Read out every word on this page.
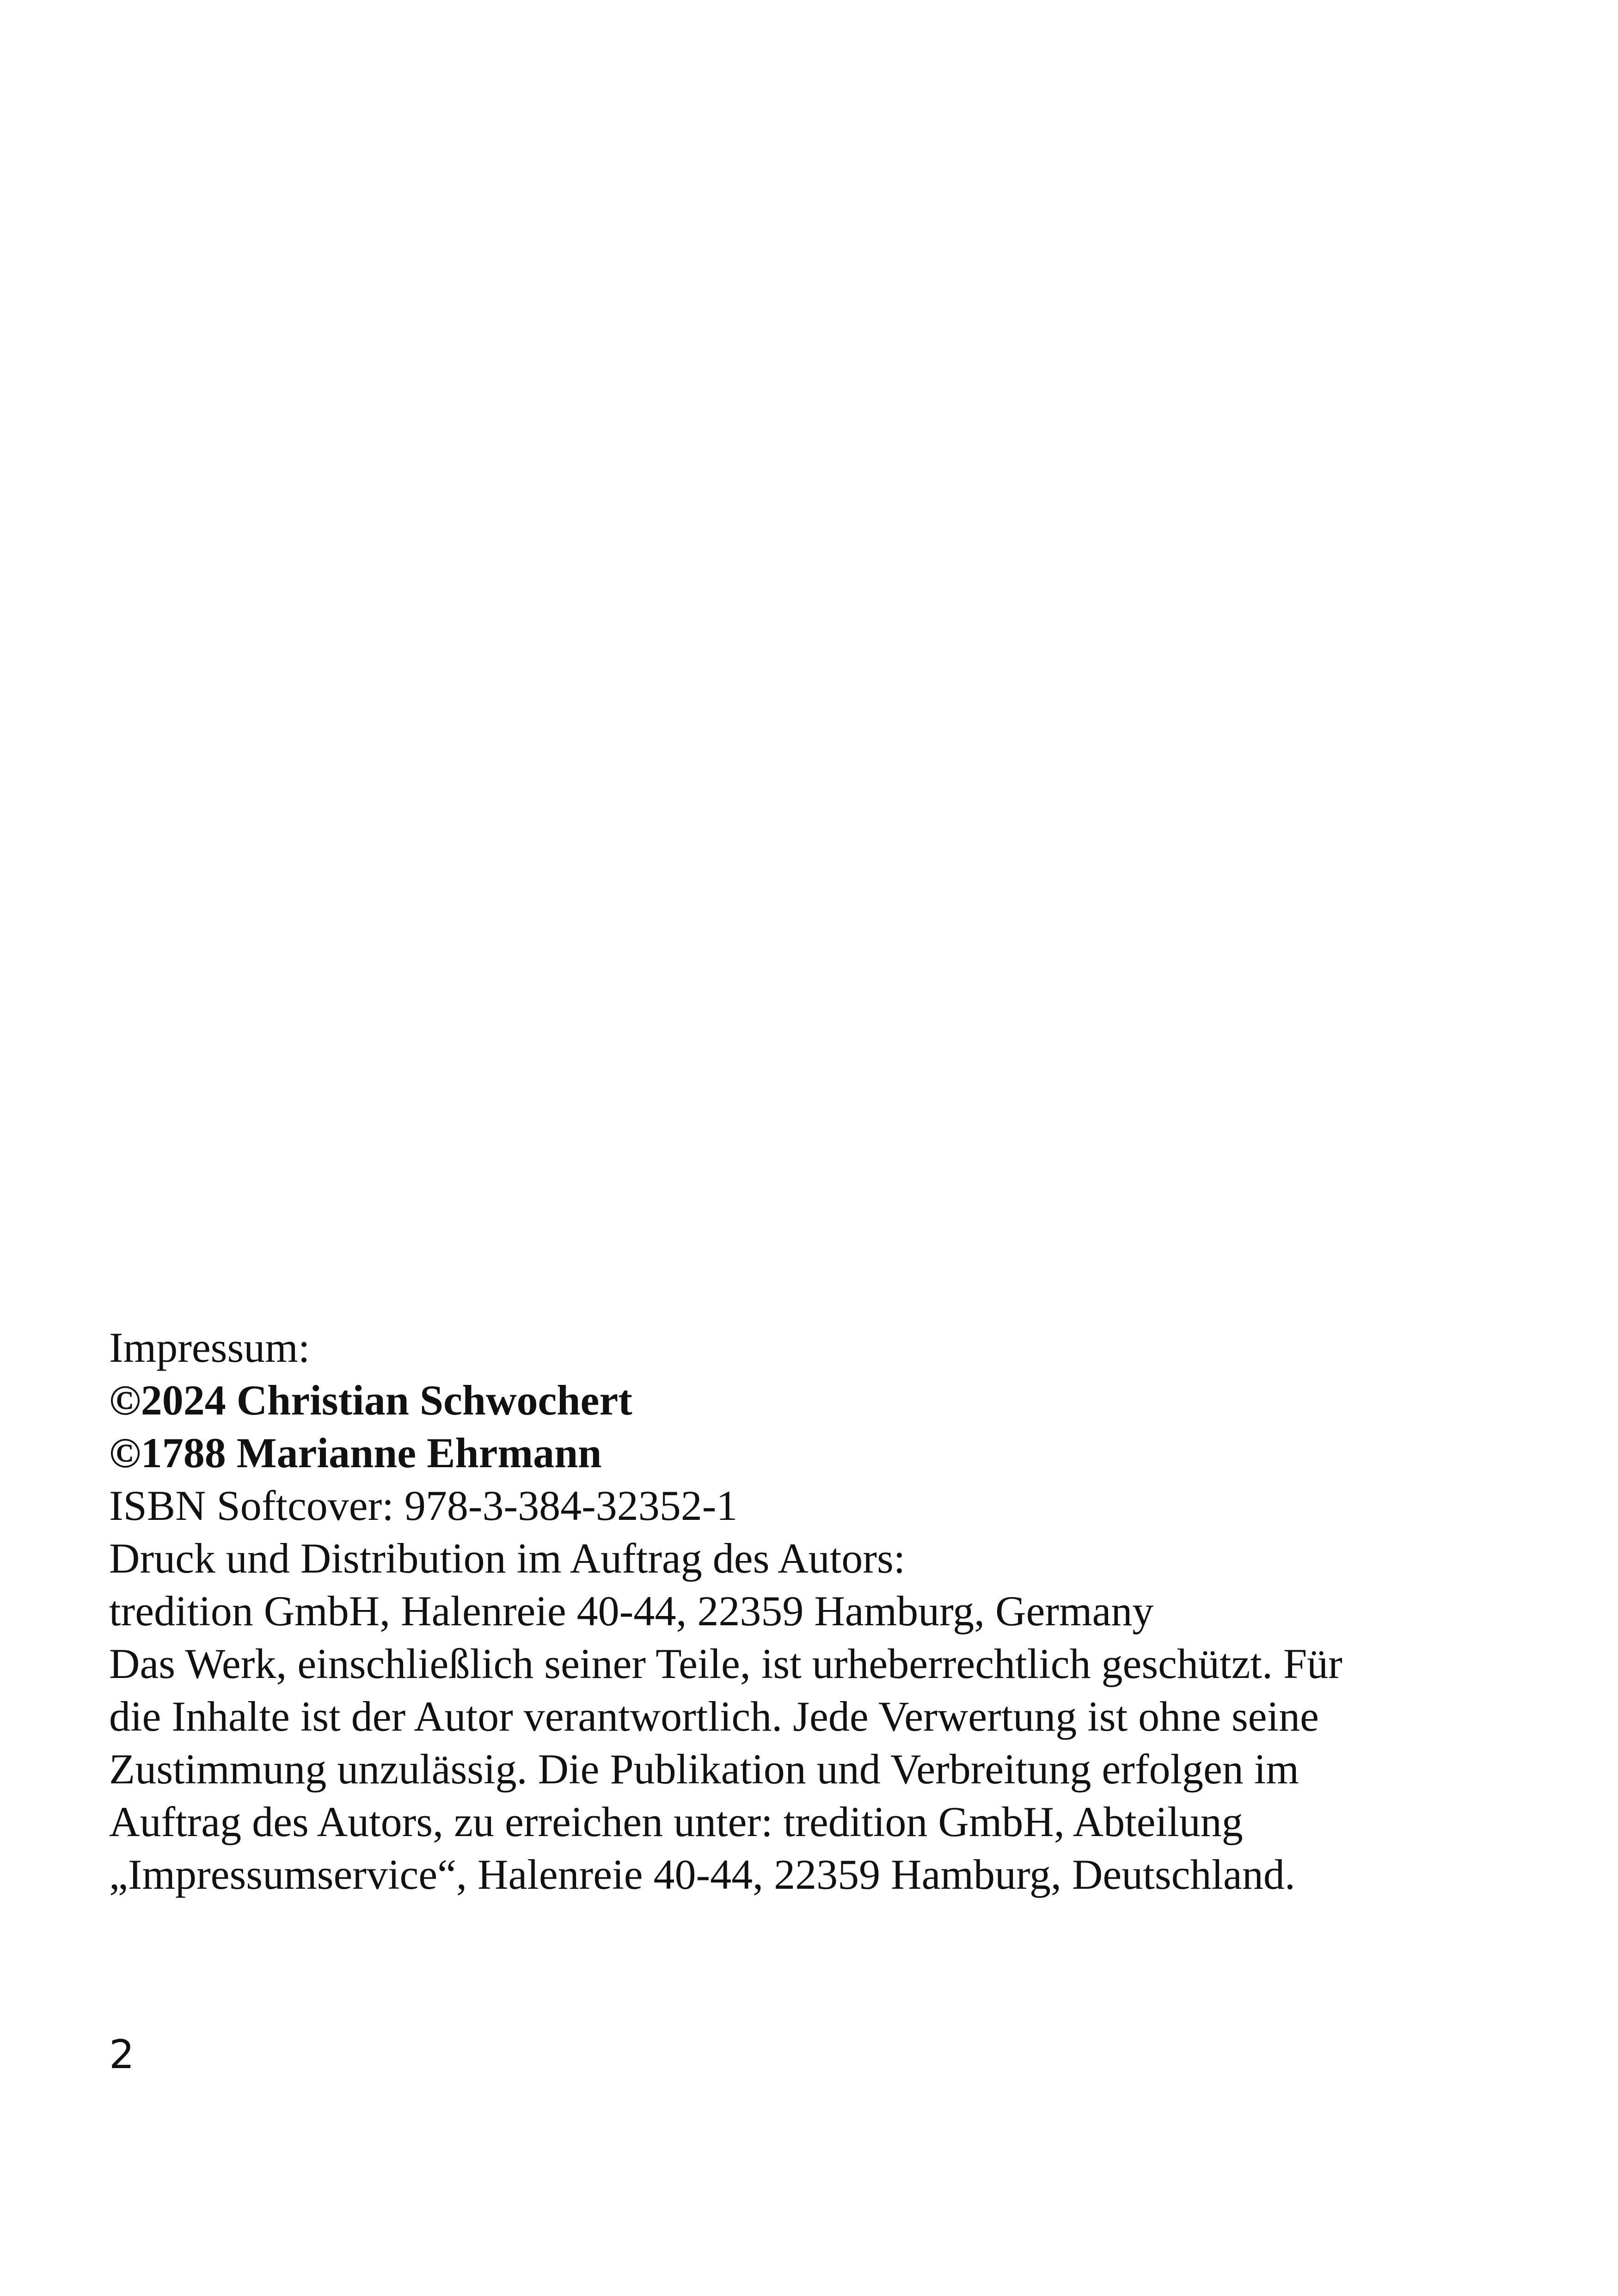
Impressum:
©2024 Christian Schwochert
©1788 Marianne Ehrmann
ISBN Softcover: 978-3-384-32352-1
Druck und Distribution im Auftrag des Autors:
tredition GmbH, Halenreie 40-44, 22359 Hamburg, Germany
Das Werk, einschließlich seiner Teile, ist urheberrechtlich geschützt. Für
die Inhalte ist der Autor verantwortlich. Jede Verwertung ist ohne seine
Zustimmung unzulässig. Die Publikation und Verbreitung erfolgen im
Auftrag des Autors, zu erreichen unter: tredition GmbH, Abteilung
„Impressumservice“, Halenreie 40-44, 22359 Hamburg, Deutschland.
2
